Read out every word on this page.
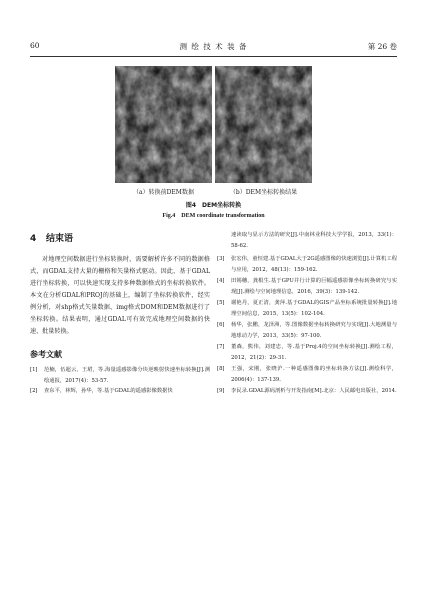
60	测 绘 技 术 装 备	第 26 卷
（a）转换前DEM数据	（b）DEM坐标转换结果
图4　DEM坐标转换
Fig.4　DEM coordinate transformation
4 结束语
对地理空间数据进行坐标转换时，需要解析许多不同的数据格式，而GDAL支持大量的栅格和矢量格式驱动。因此，基于GDAL进行坐标转换，可以快速实现支持多种数据格式的坐标转换软件。本文在分析GDAL和PROJ的基础上，编制了坐标转换软件，经实例分析，对shp格式矢量数据、img格式DOM和DEM数据进行了坐标转换。结果表明，通过GDAL可有效完成地理空间数据的快速、批量转换。
参考文献
[1] 范楠，伍超云，王珺，等.海量遥感影像分块逆映射快速坐标转换[J].测绘通报，2017(4)：53-57.
[2] 查东平，林辉，孙华，等.基于GDAL的遥感影像数据快
速读取与显示方法的研究[J].中南林业科技大学学报，2013，33(1)：58-62.
[3] 张宏伟，童恒建.基于GDAL大于2G遥感图像的快速浏览[J].计算机工程与应用，2012，48(13)：159-162.
[4] 田锡穗，龚根生.基于GPU并行计算的巨幅遥感影像坐标转换研究与实现[J].测绘与空间地理信息，2016，39(3)：139-142.
[5] 谢艳丹，夏正清，龚萍.基于GDAL的GIS产品坐标系统批量转换[J].地理空间信息，2015，13(5)：102-104.
[6] 杨华，张鹏，龙泽洲，等.图像数据坐标转换研究与实现[J].大地测量与地球动力学，2013，33(5)：97-100.
[7] 董森，熊伟，刘建忠，等.基于Proj.4的空间坐标转换[J].测绘工程，2012，21(2)：29-31.
[8] 王强，宋刚，张晓沪.一种遥感图像的坐标转换方法[J].测绘科学，2006(4)：137-139.
[9] 李民录.GDAL源码剖析与开发指南[M].北京：人民邮电出版社，2014.
